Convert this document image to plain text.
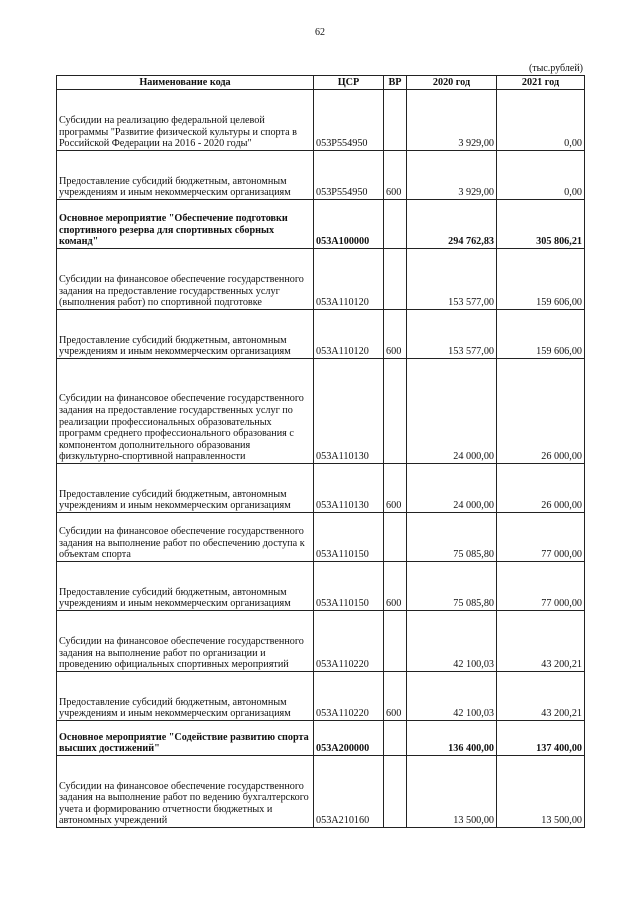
62
(тыс.рублей)
Наименование кода	ЦСР	ВР	2020 год	2021 год
Субсидии на реализацию федеральной целевой программы "Развитие физической культуры и спорта в Российской Федерации на 2016 - 2020 годы"	053P554950		3 929,00	0,00
Предоставление субсидий бюджетным, автономным учреждениям и иным некоммерческим организациям	053P554950	600	3 929,00	0,00
Основное мероприятие "Обеспечение подготовки спортивного резерва для спортивных сборных команд"	053A100000		294 762,83	305 806,21
Субсидии на финансовое обеспечение государственного задания на предоставление государственных услуг (выполнения работ) по спортивной подготовке	053A110120		153 577,00	159 606,00
Предоставление субсидий бюджетным, автономным учреждениям и иным некоммерческим организациям	053A110120	600	153 577,00	159 606,00
Субсидии на финансовое обеспечение государственного задания на предоставление государственных услуг по реализации профессиональных образовательных программ среднего профессионального образования с компонентом дополнительного образования физкультурно-спортивной направленности	053A110130		24 000,00	26 000,00
Предоставление субсидий бюджетным, автономным учреждениям и иным некоммерческим организациям	053A110130	600	24 000,00	26 000,00
Субсидии на финансовое обеспечение государственного задания на выполнение работ по обеспечению доступа к объектам спорта	053A110150		75 085,80	77 000,00
Предоставление субсидий бюджетным, автономным учреждениям и иным некоммерческим организациям	053A110150	600	75 085,80	77 000,00
Субсидии на финансовое обеспечение государственного задания на выполнение работ по организации и проведению официальных спортивных мероприятий	053A110220		42 100,03	43 200,21
Предоставление субсидий бюджетным, автономным учреждениям и иным некоммерческим организациям	053A110220	600	42 100,03	43 200,21
Основное мероприятие "Содействие развитию спорта высших достижений"	053A200000		136 400,00	137 400,00
Субсидии на финансовое обеспечение государственного задания на выполнение работ по ведению бухгалтерского учета и формированию отчетности бюджетных и автономных учреждений	053A210160		13 500,00	13 500,00
